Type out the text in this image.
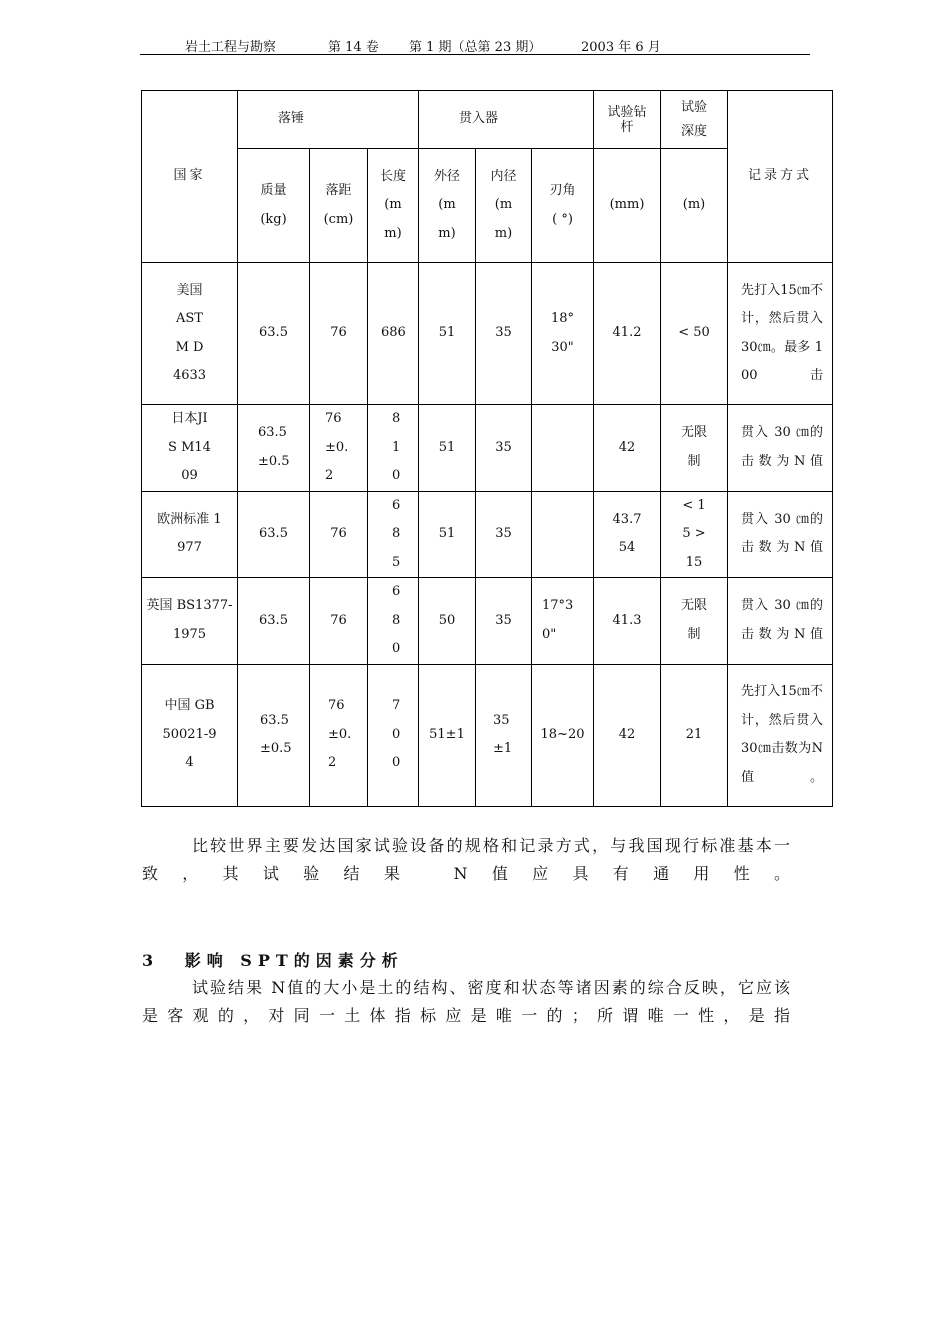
岩土工程与勘察	第 14 卷 第 1 期（总第 23 期）	2003 年 6 月
国家	落锤			贯入器			试验钻杆	试验深度	记录方式
	质量 (kg)	落距 (cm)	长度 (mm)	外径 (mm)	内径 (mm)	刃角 ( °)	(mm)	(m)	
美国 ASTM D4633	63.5	76	686	51	35	18°30"	41.2	< 50	先打入15㎝不计，然后贯入30㎝。最多 100 击
日本JIS M1409	63.5±0.5	76±0.2	810	51	35		42	无限制	贯入 30 ㎝的击数为N值
欧洲标准 1977	63.5	76	685	51	35		43.754	< 15 > 15	贯入 30 ㎝的击数为N值
英国 BS1377-1975	63.5	76	680	50	35	17°30"	41.3	无限制	贯入 30 ㎝的击数为N值
中国 GB50021-94	63.5±0.5	76±0.2	700	51±1	35±1	18~20	42	21	先打入15㎝不计，然后贯入30㎝击数为N值。
比较世界主要发达国家试验设备的规格和记录方式，与我国现行标准基本一致，其试验结果 N值应具有通用性。
3 影响 SPT的因素分析
试验结果 N值的大小是土的结构、密度和状态等诸因素的综合反映，它应该是客观的，对同一土体指标应是唯一的；所谓唯一性，是指
